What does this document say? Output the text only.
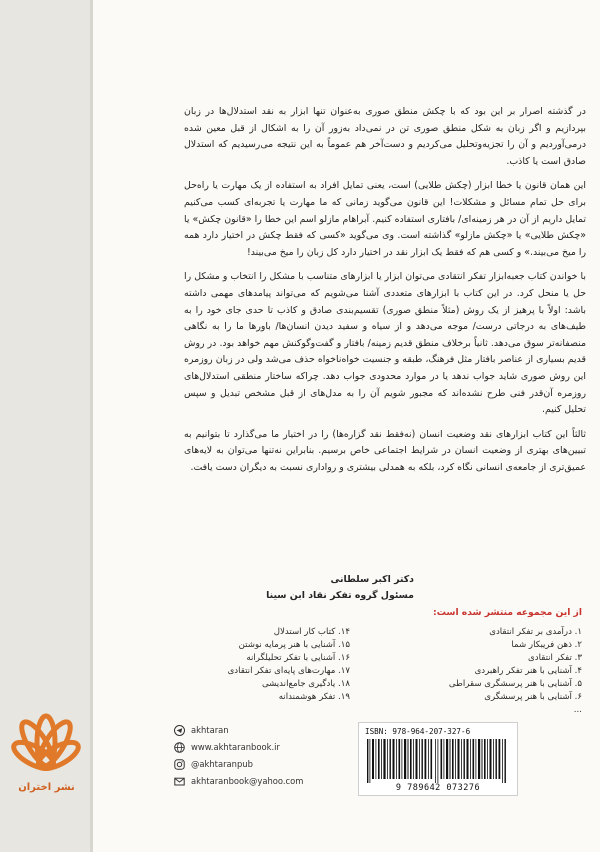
در گذشته اصرار بر این بود که با چکش منطق صوری به‌عنوان تنها ابزار به نقد استدلال‌ها در زبان بپردازیم و اگر زبان به شکل منطق صوری تن در نمی‌داد به‌زور آن را به اشکال از قبل معین شده درمی‌آوردیم و آن را تجزیه‌وتحلیل می‌کردیم و دست‌آخر هم عموماً به این نتیجه می‌رسیدیم که استدلال صادق است یا کاذب.

این همان قانون یا خطا ابزار (چکش طلایی) است، یعنی تمایل افراد به استفاده از یک مهارت یا راه‌حل برای حل تمام مسائل و مشکلات! این قانون می‌گوید زمانی که ما مهارت یا تجربه‌ای کسب می‌کنیم تمایل داریم از آن در هر زمینه‌ای/ بافتاری استفاده کنیم. آبراهام مازلو اسم این خطا را «قانون چکش» یا «چکش طلایی» یا «چکش مازلو» گذاشته است. وی می‌گوید «کسی که فقط چکش در اختیار دارد همه را میخ می‌بیند.» و کسی هم که فقط یک ابزار نقد در اختیار دارد کل زبان را میخ می‌بیند!

با خواندن کتاب جعبه‌ابزار تفکر انتقادی می‌توان ابزار یا ابزارهای متناسب با مشکل را انتخاب و مشکل را حل یا منحل کرد. در این کتاب با ابزارهای متعددی آشنا می‌شویم که می‌تواند پیامدهای مهمی داشته باشد: اولاً با پرهیز از یک روش (مثلاً منطق صوری) تقسیم‌بندی صادق و کاذب تا حدی جای خود را به طیف‌های به درجاتی درست/ موجه می‌دهد و از سیاه و سفید دیدن انسان‌ها/ باورها ما را به نگاهی منصفانه‌تر سوق می‌دهد. ثانیاً برخلاف منطق قدیم زمینه/ بافتار و گفت‌وگوکنش مهم خواهد بود. در روش قدیم بسیاری از عناصر بافتار مثل فرهنگ، طبقه و جنسیت خواه‌ناخواه حذف می‌شد ولی در زبان روزمره این روش صوری شاید جواب ندهد یا در موارد محدودی جواب دهد. چراکه ساختار منطقی استدلال‌های روزمره آن‌قدر فنی طرح نشده‌اند که مجبور شویم آن را به مدل‌های از قبل مشخص تبدیل و سپس تحلیل کنیم.

ثالثاً این کتاب ابزارهای نقد وضعیت انسان (نه‌فقط نقد گزاره‌ها) را در اختیار ما می‌گذارد تا بتوانیم به تبیین‌های بهتری از وضعیت انسان در شرایط اجتماعی خاص برسیم. بنابراین نه‌تنها می‌توان به لایه‌های عمیق‌تری از جامعه‌ی انسانی نگاه کرد، بلکه به همدلی بیشتری و رواداری نسبت به دیگران دست یافت.

دکتر اکبر سلطانی
مسئول گروه تفکر نقاد ابن سینا
از این مجموعه منتشر شده است:
۱. درآمدی بر تفکر انتقادی
۲. ذهن فریبکار شما
۳. تفکر انتقادی
۴. آشنایی با هنر تفکر راهبردی
۵. آشنایی با هنر پرسشگری سقراطی
۶. آشنایی با هنر پرسشگری
...
۱۴. کتاب کار استدلال
۱۵. آشنایی با هنر پرمایه نوشتن
۱۶. آشنایی با تفکر تحلیلگرانه
۱۷. مهارت‌های پایه‌ای تفکر انتقادی
۱۸. یادگیری جامع‌اندیشی
۱۹. تفکر هوشمندانه
akhtaran
www.akhtaranbook.ir
@akhtaranpub
akhtaranbook@yahoo.com
ISBN: 978-964-207-327-6
9 789642 073276
نشر اختران
